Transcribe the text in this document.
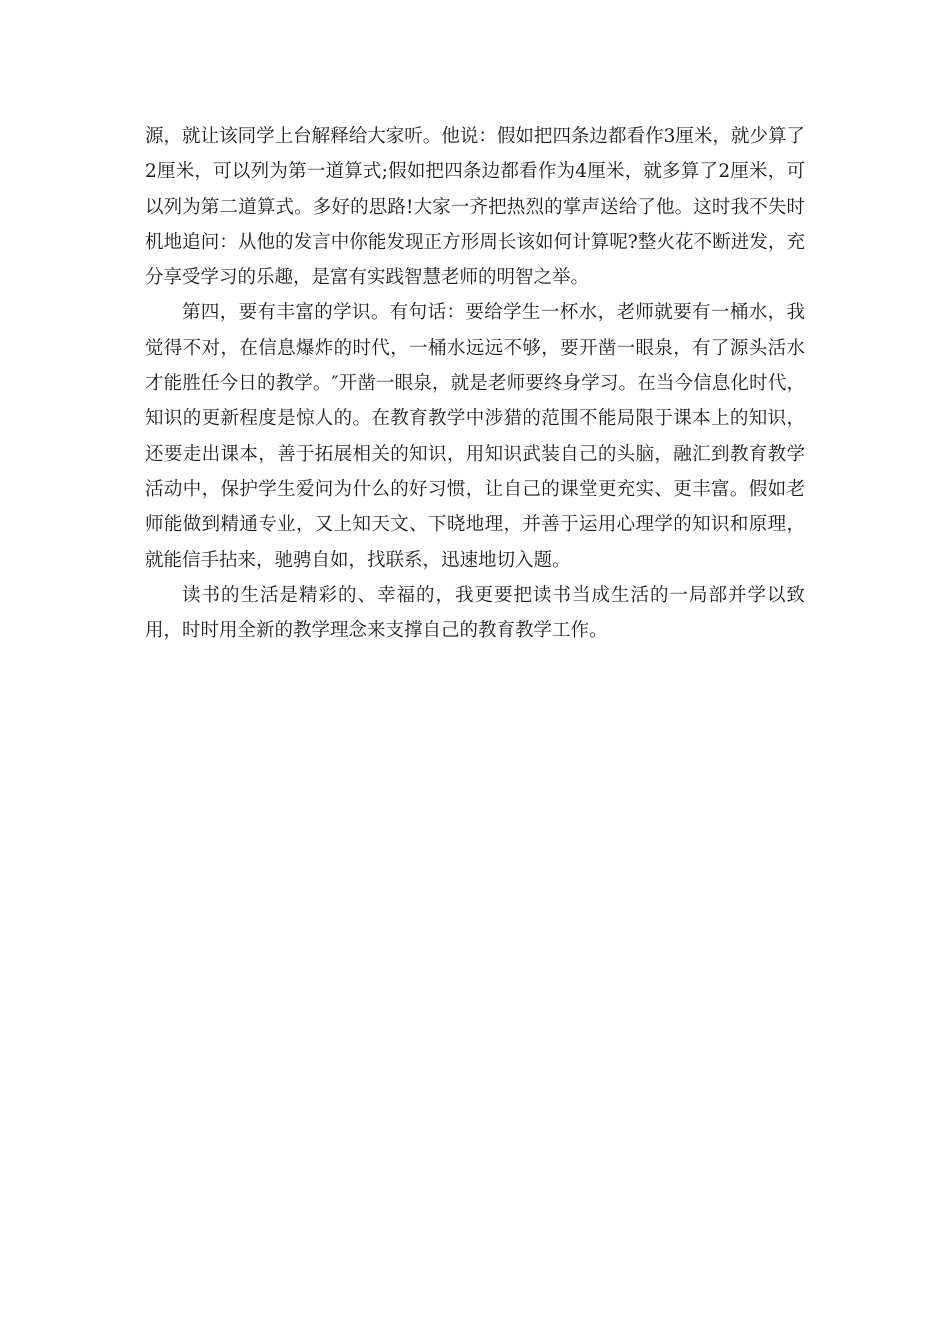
源，就让该同学上台解释给大家听。他说：假如把四条边都看作3厘米，就少算了2厘米，可以列为第一道算式;假如把四条边都看作为4厘米，就多算了2厘米，可以列为第二道算式。多好的思路!大家一齐把热烈的掌声送给了他。这时我不失时机地追问：从他的发言中你能发现正方形周长该如何计算呢?整火花不断迸发，充分享受学习的乐趣，是富有实践智慧老师的明智之举。

第四，要有丰富的学识。有句话：要给学生一杯水，老师就要有一桶水，我觉得不对，在信息爆炸的时代，一桶水远远不够，要开凿一眼泉，有了源头活水才能胜任今日的教学。″开凿一眼泉，就是老师要终身学习。在当今信息化时代，知识的更新程度是惊人的。在教育教学中涉猎的范围不能局限于课本上的知识，还要走出课本，善于拓展相关的知识，用知识武装自己的头脑，融汇到教育教学活动中，保护学生爱问为什么的好习惯，让自己的课堂更充实、更丰富。假如老师能做到精通专业，又上知天文、下晓地理，并善于运用心理学的知识和原理，就能信手拈来，驰骋自如，找联系，迅速地切入题。

读书的生活是精彩的、幸福的，我更要把读书当成生活的一局部并学以致用，时时用全新的教学理念来支撑自己的教育教学工作。
